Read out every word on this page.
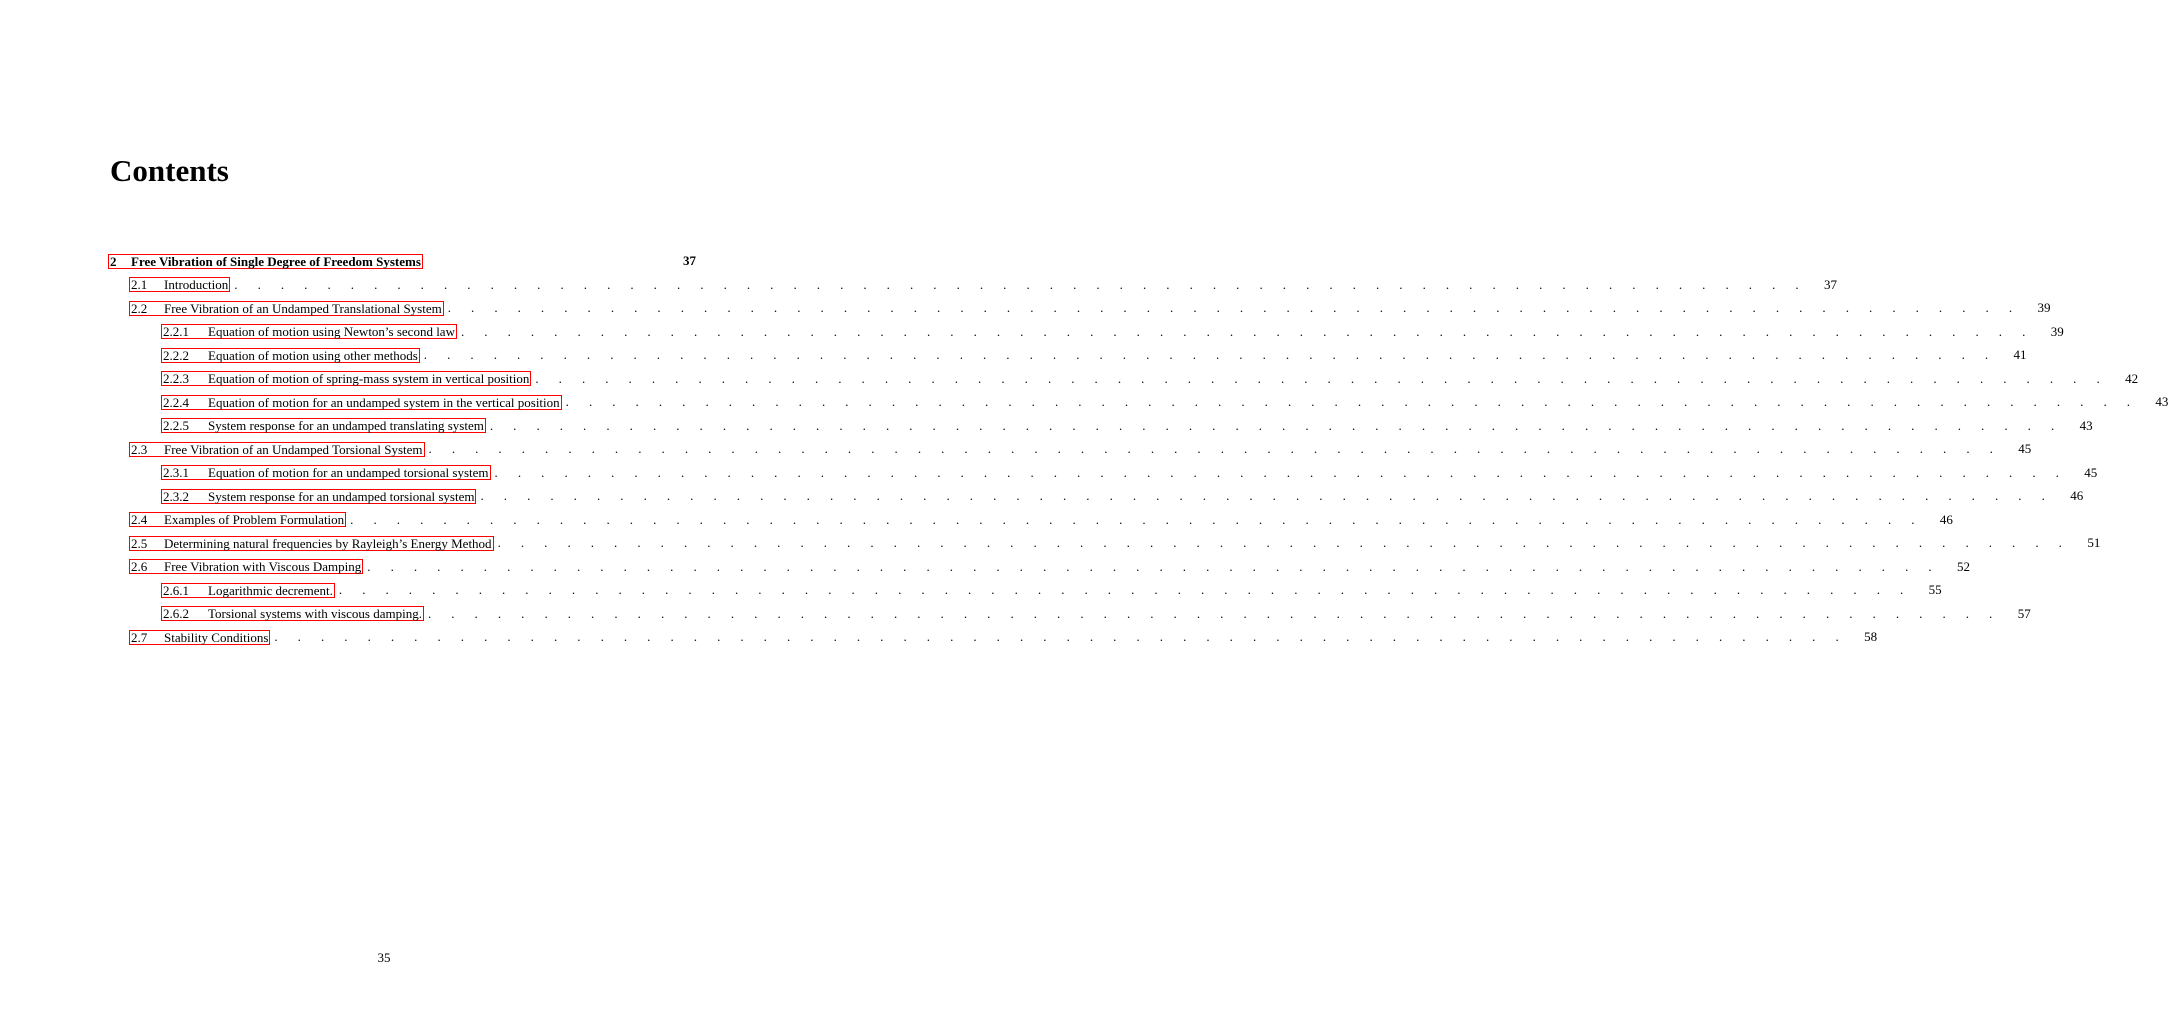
Contents
2	Free Vibration of Single Degree of Freedom Systems	37
2.1	Introduction . . . . . . . . . . . . . . . . . . . . . . . . . . . . . . . . . . . . . . . . . . . . . . . . . . . . . . . . . . . . . . . . . . . .	37
2.2	Free Vibration of an Undamped Translational System . . . . . . . . . . . . . . . . . . . . . . . . . . . . . . . . . . . . . . . . . . . . . . . . . . . . . . . . . . . . . . . . . . . .	39
2.2.1	Equation of motion using Newton’s second law . . . . . . . . . . . . . . . . . . . . . . . . . . . . . . . . . . . . . . . . . . . . . . . . . . . . . . . . . . . . . . . . . . . .	39
2.2.2	Equation of motion using other methods . . . . . . . . . . . . . . . . . . . . . . . . . . . . . . . . . . . . . . . . . . . . . . . . . . . . . . . . . . . . . . . . . . . .	41
2.2.3	Equation of motion of spring-mass system in vertical position . . . . . . . . . . . . . . . . . . . . . . . . . . . . . . . . . . . . . . . . . . . . . . . . . . . . . . . . . . . . . . . . . . . .	42
2.2.4	Equation of motion for an undamped system in the vertical position . . . . . . . . . . . . . . . . . . . . . . . . . . . . . . . . . . . . . . . . . . . . . . . . . . . . . . . . . . . . . . . . . . . .	43
2.2.5	System response for an undamped translating system . . . . . . . . . . . . . . . . . . . . . . . . . . . . . . . . . . . . . . . . . . . . . . . . . . . . . . . . . . . . . . . . . . . .	43
2.3	Free Vibration of an Undamped Torsional System . . . . . . . . . . . . . . . . . . . . . . . . . . . . . . . . . . . . . . . . . . . . . . . . . . . . . . . . . . . . . . . . . . . .	45
2.3.1	Equation of motion for an undamped torsional system . . . . . . . . . . . . . . . . . . . . . . . . . . . . . . . . . . . . . . . . . . . . . . . . . . . . . . . . . . . . . . . . . . . .	45
2.3.2	System response for an undamped torsional system . . . . . . . . . . . . . . . . . . . . . . . . . . . . . . . . . . . . . . . . . . . . . . . . . . . . . . . . . . . . . . . . . . . .	46
2.4	Examples of Problem Formulation . . . . . . . . . . . . . . . . . . . . . . . . . . . . . . . . . . . . . . . . . . . . . . . . . . . . . . . . . . . . . . . . . . . .	46
2.5	Determining natural frequencies by Rayleigh’s Energy Method . . . . . . . . . . . . . . . . . . . . . . . . . . . . . . . . . . . . . . . . . . . . . . . . . . . . . . . . . . . . . . . . . . . .	51
2.6	Free Vibration with Viscous Damping . . . . . . . . . . . . . . . . . . . . . . . . . . . . . . . . . . . . . . . . . . . . . . . . . . . . . . . . . . . . . . . . . . . .	52
2.6.1	Logarithmic decrement. . . . . . . . . . . . . . . . . . . . . . . . . . . . . . . . . . . . . . . . . . . . . . . . . . . . . . . . . . . . . . . . . . . . .	55
2.6.2	Torsional systems with viscous damping. . . . . . . . . . . . . . . . . . . . . . . . . . . . . . . . . . . . . . . . . . . . . . . . . . . . . . . . . . . . . . . . . . . . .	57
2.7	Stability Conditions . . . . . . . . . . . . . . . . . . . . . . . . . . . . . . . . . . . . . . . . . . . . . . . . . . . . . . . . . . . . . . . . . . . .	58
35
